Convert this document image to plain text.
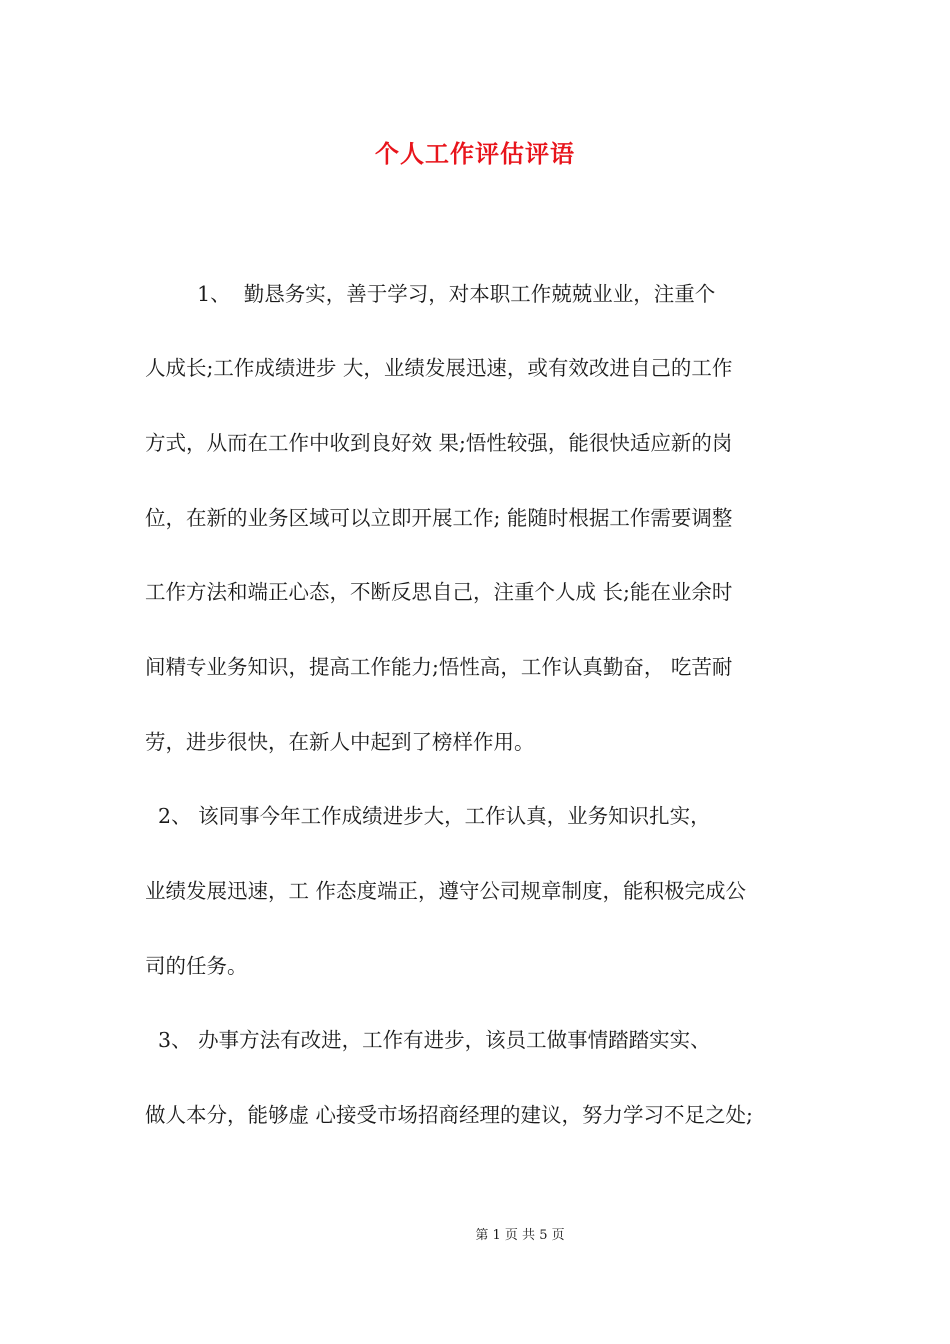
个人工作评估评语
1、  勤恳务实，善于学习，对本职工作兢兢业业，注重个
人成长;工作成绩进步 大，业绩发展迅速，或有效改进自己的工作
方式，从而在工作中收到良好效 果;悟性较强，能很快适应新的岗
位，在新的业务区域可以立即开展工作; 能随时根据工作需要调整
工作方法和端正心态，不断反思自己，注重个人成 长;能在业余时
间精专业务知识，提高工作能力;悟性高，工作认真勤奋， 吃苦耐
劳，进步很快，在新人中起到了榜样作用。
2、 该同事今年工作成绩进步大，工作认真，业务知识扎实，
业绩发展迅速，工 作态度端正，遵守公司规章制度，能积极完成公
司的任务。
3、 办事方法有改进，工作有进步，该员工做事情踏踏实实、
做人本分，能够虚 心接受市场招商经理的建议，努力学习不足之处;
第 1 页 共 5 页
